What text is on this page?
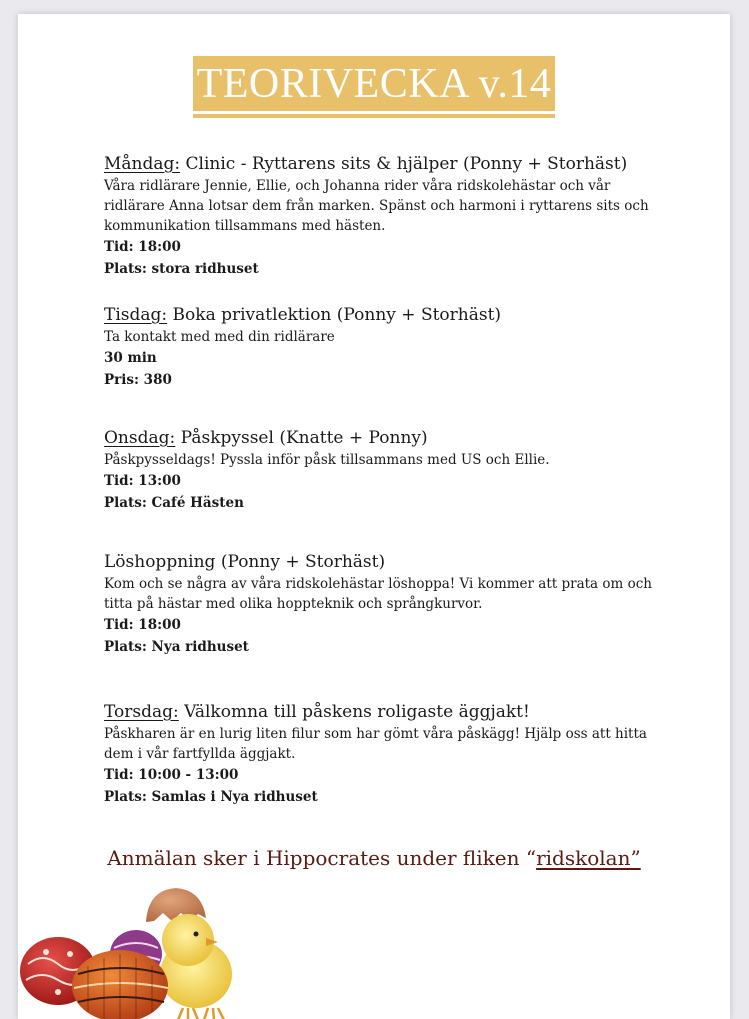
TEORIVECKA v.14

Måndag: Clinic - Ryttarens sits & hjälper (Ponny + Storhäst)

Våra ridlärare Jennie, Ellie, och Johanna rider våra ridskolehästar och vår ridlärare Anna lotsar dem från marken. Spänst och harmoni i ryttarens sits och kommunikation tillsammans med hästen.

Tid: 18:00

Plats: stora ridhuset

Tisdag: Boka privatlektion (Ponny + Storhäst)

Ta kontakt med med din ridlärare

30 min

Pris: 380

Onsdag: Påskpyssel (Knatte + Ponny)

Påskpysseldags! Pyssla inför påsk tillsammans med US och Ellie.

Tid: 13:00

Plats: Café Hästen

Löshoppning (Ponny + Storhäst)

Kom och se några av våra ridskolehästar löshoppa! Vi kommer att prata om och titta på hästar med olika hoppteknik och språngkurvor.

Tid: 18:00

Plats: Nya ridhuset

Torsdag: Välkomna till påskens roligaste äggjakt!

Påskharen är en lurig liten filur som har gömt våra påskägg! Hjälp oss att hitta dem i vår fartfyllda äggjakt.

Tid: 10:00 - 13:00

Plats: Samlas i Nya ridhuset

Anmälan sker i Hippocrates under fliken “ridskolan”
